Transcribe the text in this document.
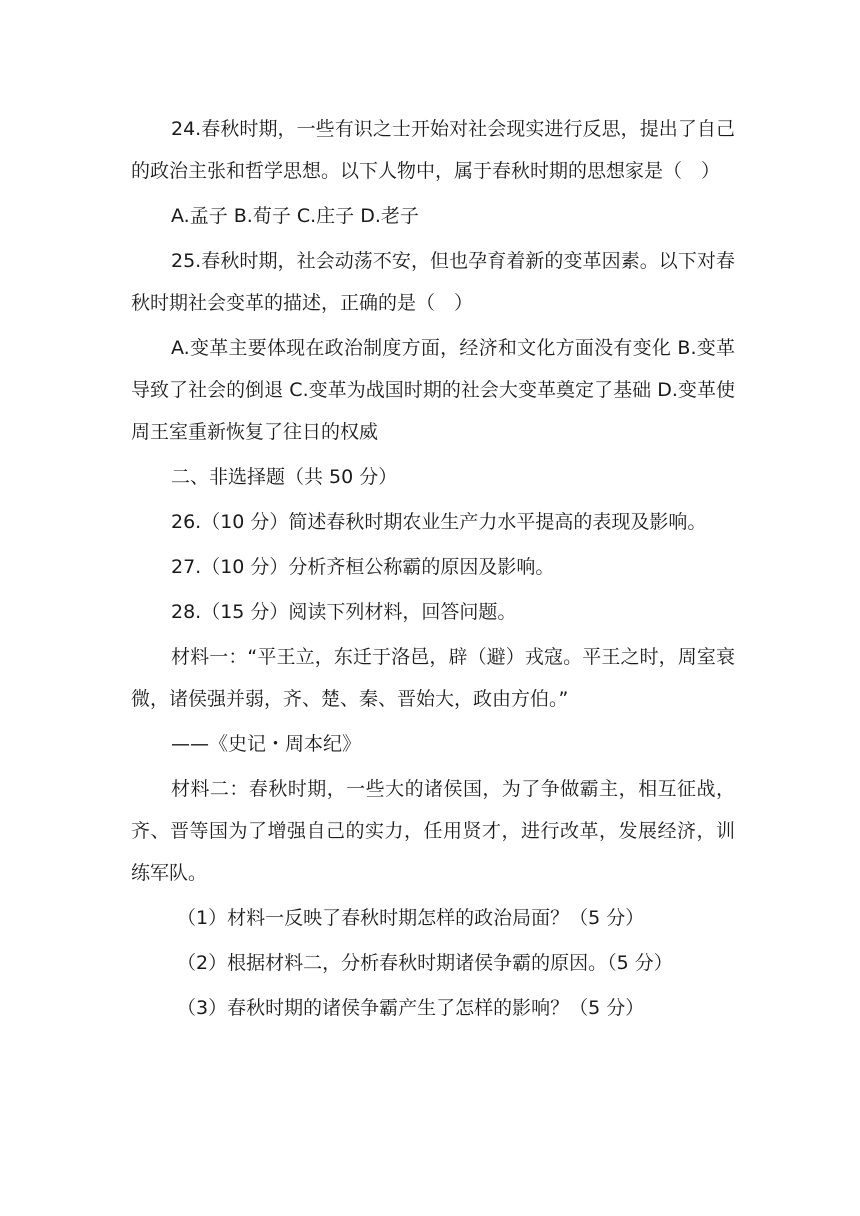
24.春秋时期，一些有识之士开始对社会现实进行反思，提出了自己的政治主张和哲学思想。以下人物中，属于春秋时期的思想家是（　）

A.孟子 B.荀子 C.庄子 D.老子

25.春秋时期，社会动荡不安，但也孕育着新的变革因素。以下对春秋时期社会变革的描述，正确的是（　）

A.变革主要体现在政治制度方面，经济和文化方面没有变化 B.变革导致了社会的倒退 C.变革为战国时期的社会大变革奠定了基础 D.变革使周王室重新恢复了往日的权威

二、非选择题（共 50 分）

26.（10 分）简述春秋时期农业生产力水平提高的表现及影响。

27.（10 分）分析齐桓公称霸的原因及影响。

28.（15 分）阅读下列材料，回答问题。

材料一：“平王立，东迁于洛邑，辟（避）戎寇。平王之时，周室衰微，诸侯强并弱，齐、楚、秦、晋始大，政由方伯。”

——《史记・周本纪》

材料二：春秋时期，一些大的诸侯国，为了争做霸主，相互征战，齐、晋等国为了增强自己的实力，任用贤才，进行改革，发展经济，训练军队。

（1）材料一反映了春秋时期怎样的政治局面？（5 分）

（2）根据材料二，分析春秋时期诸侯争霸的原因。（5 分）

（3）春秋时期的诸侯争霸产生了怎样的影响？（5 分）
